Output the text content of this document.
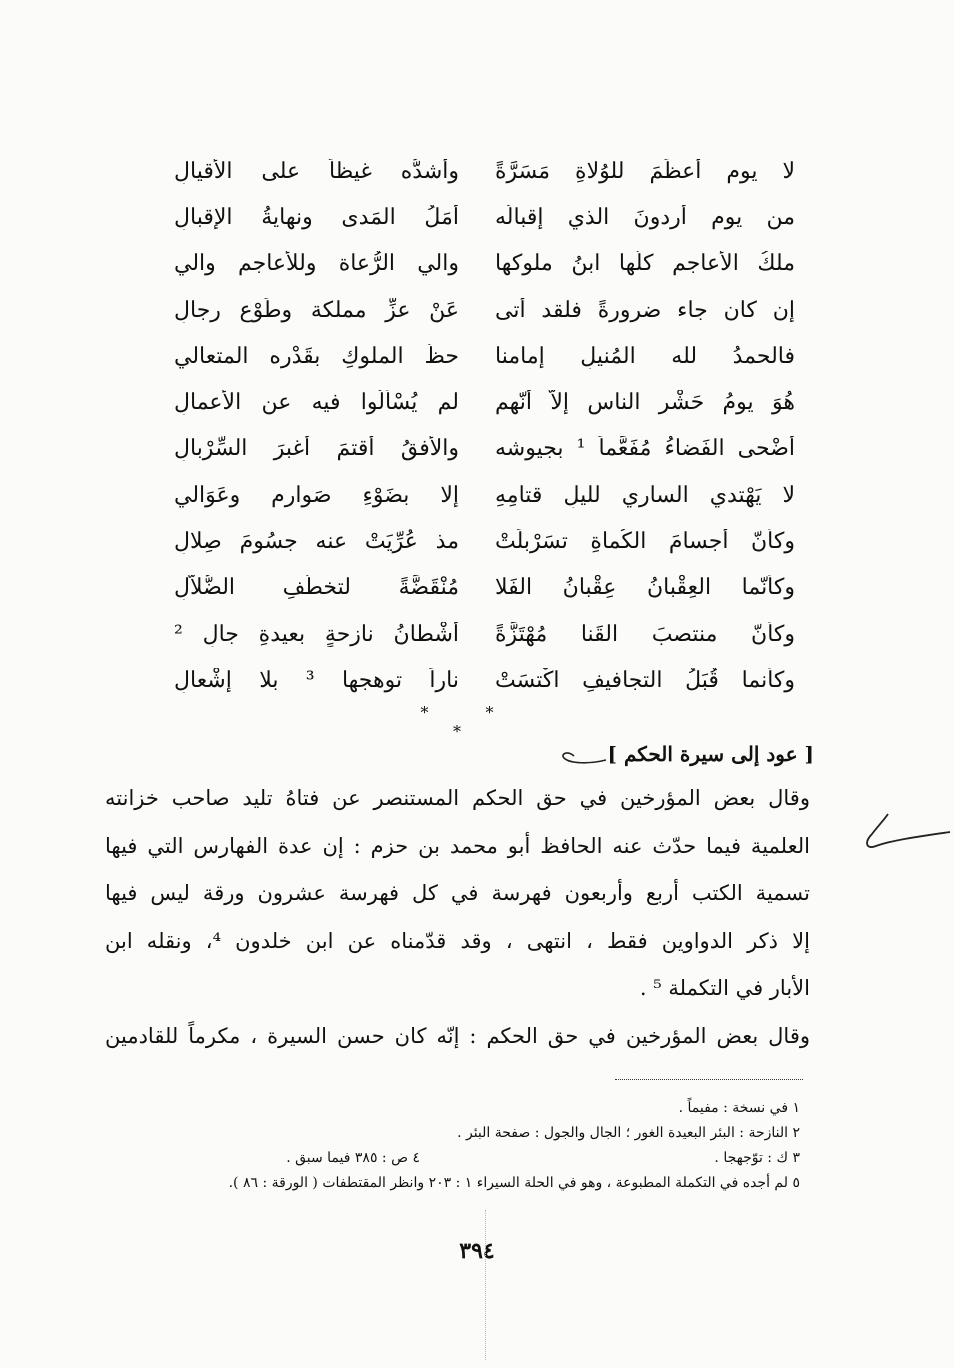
لا يوم أعظَمَ للوُلاةِ مَسَرَّةً
وأشدُّه غيظاً على الأقيالِ
من يوم أردونَ الذي إقبالُه
أمَلُ المَدى ونهايةُ الإقبالِ
ملكُ الأعاجم كلّها ابنُ ملوكها
والي الرُّعاة وللأعاجم والي
إن كان جاء ضرورةً فلقد أتى
عَنْ عزِّ مملكة وطَوْعِ رجالِ
فالحمدُ لله المُنيلِ إمامنا
حظَّ الملوكِ بقَدْرِه المتعالي
هُوَ يومُ حَشْرِ الناسِ إلاّ أنّهم
لم يُسْألُوا فيه عن الأعمالِ
أضْحى الفَضاءُ مُفَعَّماً ¹ بجيوشه
والأفقُ أقتمَ أغبرَ السِّرْبالِ
لا يَهْتدي الساري لليلِ قتامِهِ
إلا بضَوْءِ صَوارمٍ وعَوَالي
وكأنّ أجسامَ الكُماةِ تسَرْبلَتْ
مذ عُرِّيَتْ عنه جسُومَ صِلالِ
وكأنّما العِقْبانُ عِقْبانُ الفَلا
مُنْقَضَّةً لتخطُّفِ الضُّلاّلِ
وكأنّ منتصبَ القَنا مُهْتَزَّةً
أشْطانُ نازحةٍ بعيدةِ جالِ ²
وكأنما قُبَلُ التجافيفِ اكْتسَتْ
ناراً توهجها ³ بلا إشْعالِ
* * *
[ عود إلى سيرة الحكم ]
وقال بعض المؤرخين في حق الحكم المستنصر عن فتاهُ تليد صاحب خزانته
العلمية فيما حدّث عنه الحافظ أبو محمد بن حزم : إن عدة الفهارس التي فيها
تسمية الكتب أربع وأربعون فهرسة في كل فهرسة عشرون ورقة ليس فيها
إلا ذكر الدواوين فقط ، انتهى ، وقد قدّمناه عن ابن خلدون ⁴، ونقله ابن
الأبار في التكملة ⁵ .
وقال بعض المؤرخين في حق الحكم : إنّه كان حسن السيرة ، مكرماً للقادمين
١ في نسخة : مفيماً .
٢ النازحة : البئر البعيدة الغور ؛ الجال والجول : صفحة البئر .
٣ ك : توّجهجا .
٤ ص : ٣٨٥ فيما سبق .
٥ لم أجده في التكملة المطبوعة ، وهو في الحلة السيراء ١ : ٢٠٣ وانظر المقتطفات ( الورقة : ٨٦ ).
٣٩٤
